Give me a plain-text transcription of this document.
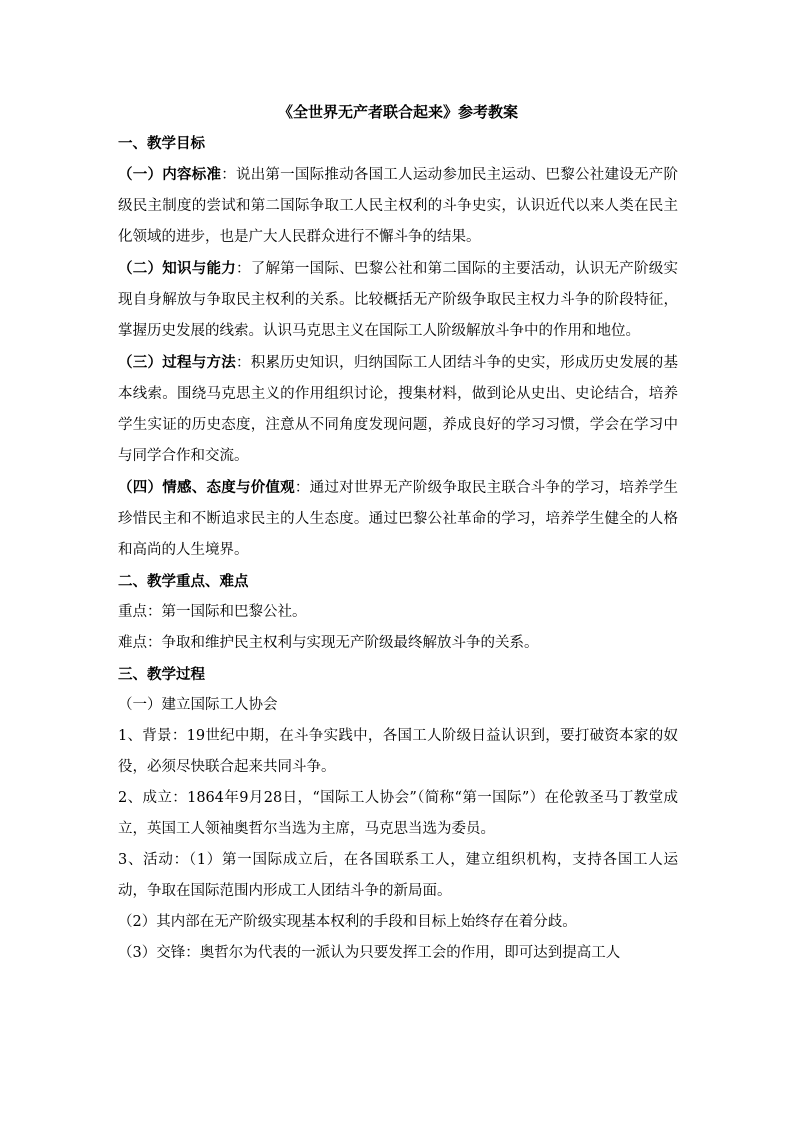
《全世界无产者联合起来》参考教案

一、教学目标

（一）内容标准：说出第一国际推动各国工人运动参加民主运动、巴黎公社建设无产阶级民主制度的尝试和第二国际争取工人民主权利的斗争史实，认识近代以来人类在民主化领域的进步，也是广大人民群众进行不懈斗争的结果。

（二）知识与能力：了解第一国际、巴黎公社和第二国际的主要活动，认识无产阶级实现自身解放与争取民主权利的关系。比较概括无产阶级争取民主权力斗争的阶段特征，掌握历史发展的线索。认识马克思主义在国际工人阶级解放斗争中的作用和地位。

（三）过程与方法：积累历史知识，归纳国际工人团结斗争的史实，形成历史发展的基本线索。围绕马克思主义的作用组织讨论，搜集材料，做到论从史出、史论结合，培养学生实证的历史态度，注意从不同角度发现问题，养成良好的学习习惯，学会在学习中与同学合作和交流。

（四）情感、态度与价值观：通过对世界无产阶级争取民主联合斗争的学习，培养学生珍惜民主和不断追求民主的人生态度。通过巴黎公社革命的学习，培养学生健全的人格和高尚的人生境界。

二、教学重点、难点

重点：第一国际和巴黎公社。

难点：争取和维护民主权利与实现无产阶级最终解放斗争的关系。

三、教学过程

（一）建立国际工人协会

1、背景：19世纪中期，在斗争实践中，各国工人阶级日益认识到，要打破资本家的奴役，必须尽快联合起来共同斗争。

2、成立：1864年9月28日，“国际工人协会”（简称“第一国际”）在伦敦圣马丁教堂成立，英国工人领袖奥哲尔当选为主席，马克思当选为委员。

3、活动：（1）第一国际成立后，在各国联系工人，建立组织机构，支持各国工人运动，争取在国际范围内形成工人团结斗争的新局面。

（2）其内部在无产阶级实现基本权利的手段和目标上始终存在着分歧。

（3）交锋：奥哲尔为代表的一派认为只要发挥工会的作用，即可达到提高工人
